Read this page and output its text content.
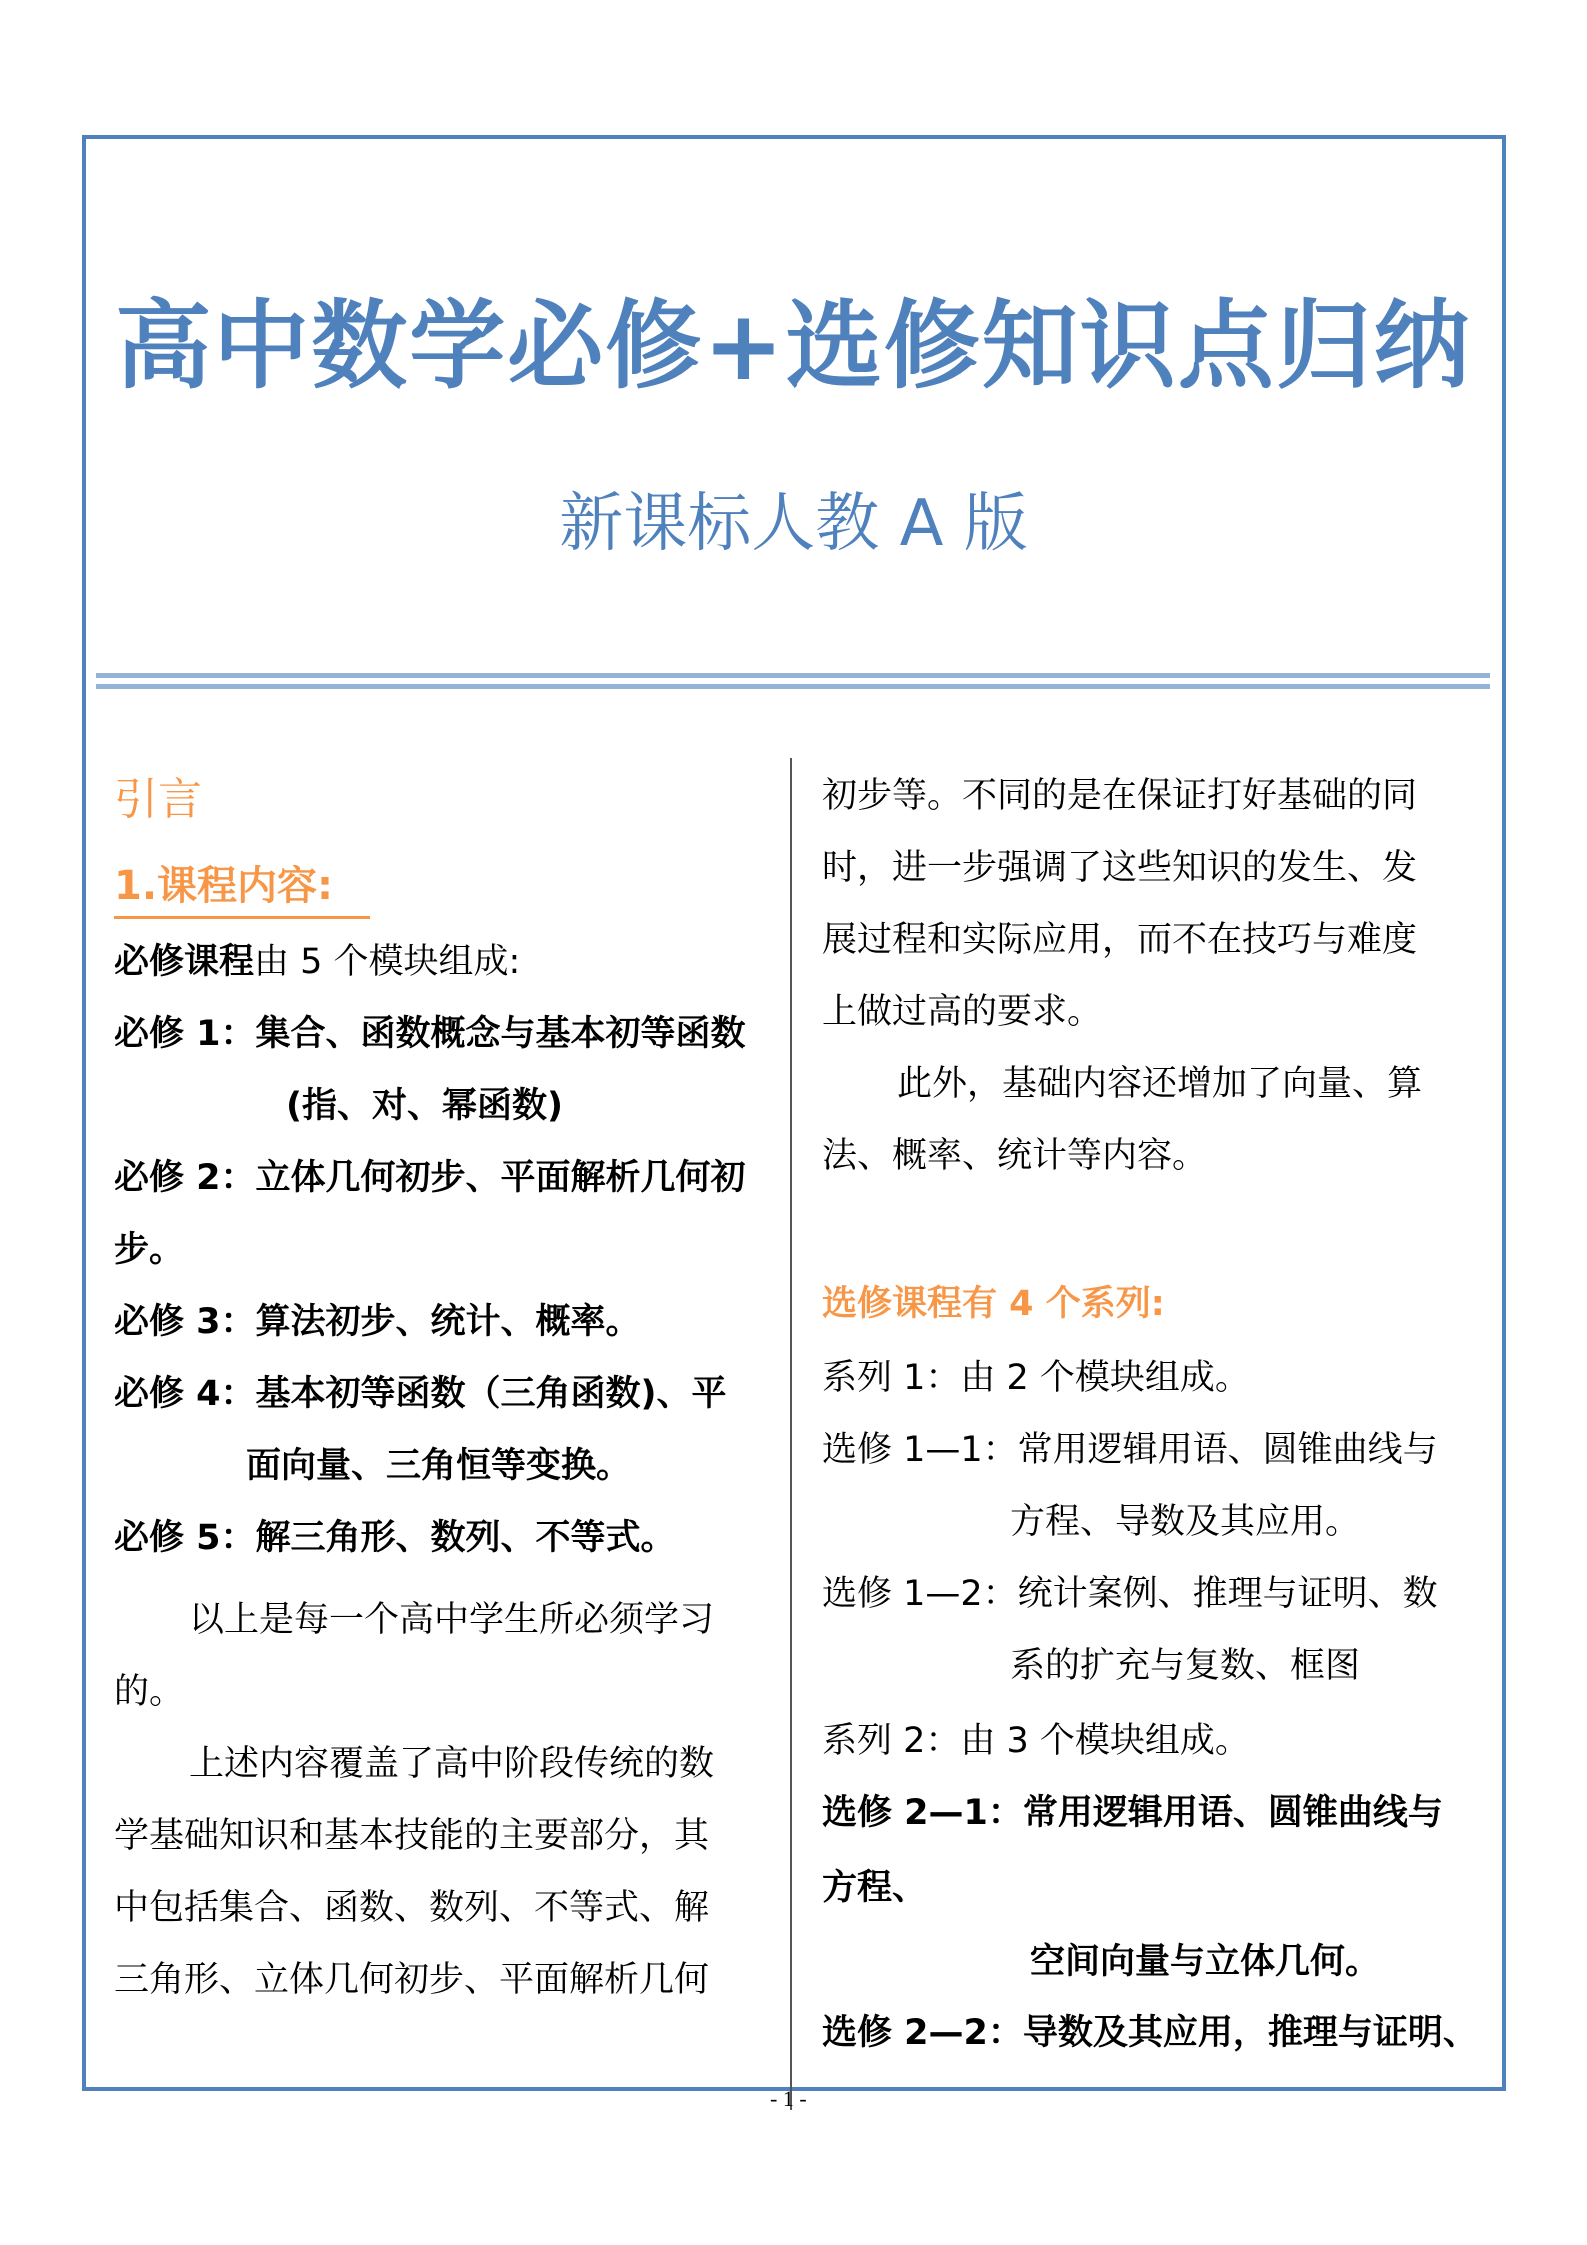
高中数学必修+选修知识点归纳
新课标人教 A 版
引言
1.课程内容:
必修课程由 5 个模块组成:
必修 1：集合、函数概念与基本初等函数
(指、对、幂函数)
必修 2：立体几何初步、平面解析几何初
步。
必修 3：算法初步、统计、概率。
必修 4：基本初等函数（三角函数)、平
面向量、三角恒等变换。
必修 5：解三角形、数列、不等式。
以上是每一个高中学生所必须学习
的。
上述内容覆盖了高中阶段传统的数
学基础知识和基本技能的主要部分，其
中包括集合、函数、数列、不等式、解
三角形、立体几何初步、平面解析几何
初步等。不同的是在保证打好基础的同
时，进一步强调了这些知识的发生、发
展过程和实际应用，而不在技巧与难度
上做过高的要求。
此外，基础内容还增加了向量、算
法、概率、统计等内容。
选修课程有 4 个系列:
系列 1：由 2 个模块组成。
选修 1—1：常用逻辑用语、圆锥曲线与
方程、导数及其应用。
选修 1—2：统计案例、推理与证明、数
系的扩充与复数、框图
系列 2：由 3 个模块组成。
选修 2—1：常用逻辑用语、圆锥曲线与
方程、
空间向量与立体几何。
选修 2—2：导数及其应用，推理与证明、
- 1 -
